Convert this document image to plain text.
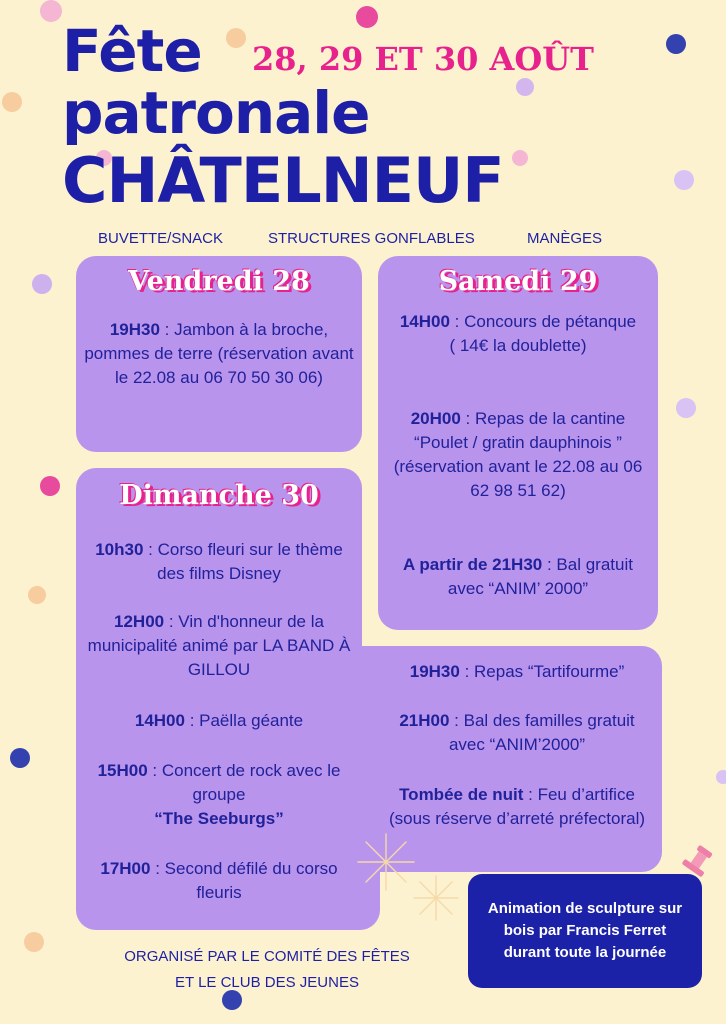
Fête 28, 29 ET 30 AOÛT
patronale
CHÂTELNEUF
BUVETTE/SNACK	STRUCTURES GONFLABLES	MANÈGES
Vendredi 28
19H30 : Jambon à la broche, pommes de terre (réservation avant le 22.08 au 06 70 50 30 06)
Samedi 29
14H00 : Concours de pétanque
( 14€ la doublette)
20H00 : Repas de la cantine “Poulet / gratin dauphinois ”
(réservation avant le 22.08 au 06 62 98 51 62)
A partir de 21H30 : Bal gratuit avec “ANIM’ 2000”
Dimanche 30
10h30 : Corso fleuri sur le thème des films Disney
12H00 : Vin d'honneur de la municipalité animé par LA BAND À GILLOU
14H00 : Paëlla géante
15H00 : Concert de rock avec le groupe
“The Seeburgs”
17H00 : Second défilé du corso fleuris
19H30 : Repas “Tartifourme”
21H00 : Bal des familles gratuit avec “ANIM’2000”
Tombée de nuit : Feu d’artifice (sous réserve d’arreté préfectoral)
Animation de sculpture sur bois par Francis Ferret durant toute la journée
ORGANISÉ PAR LE COMITÉ DES FÊTES
ET LE CLUB DES JEUNES
